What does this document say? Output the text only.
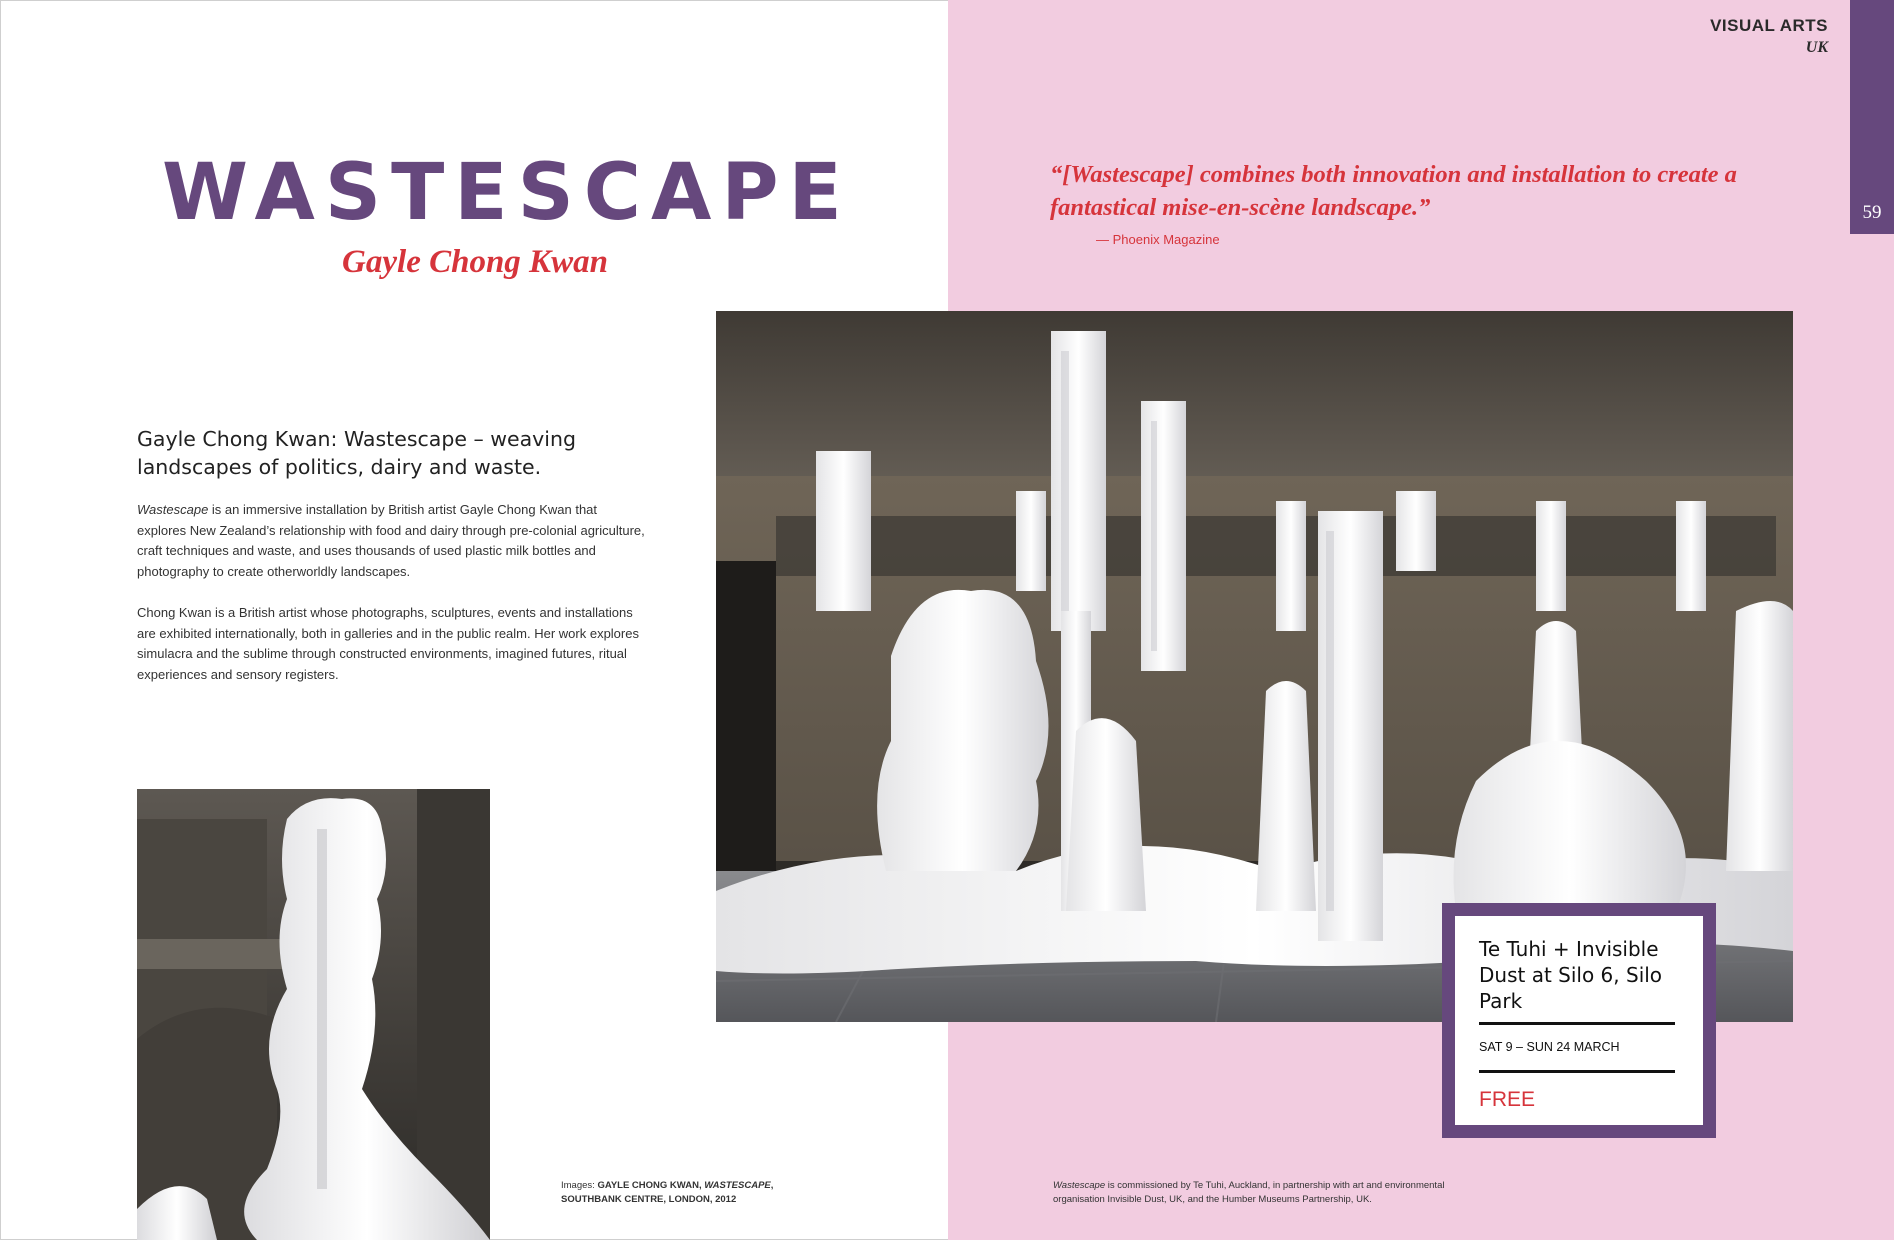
VISUAL ARTS
UK
59
WASTESCAPE
Gayle Chong Kwan
“[Wastescape] combines both innovation and installation to create a fantastical mise-en-scène landscape.”
— Phoenix Magazine
Gayle Chong Kwan: Wastescape – weaving landscapes of politics, dairy and waste.
Wastescape is an immersive installation by British artist Gayle Chong Kwan that explores New Zealand’s relationship with food and dairy through pre-colonial agriculture, craft techniques and waste, and uses thousands of used plastic milk bottles and photography to create otherworldly landscapes.
Chong Kwan is a British artist whose photographs, sculptures, events and installations are exhibited internationally, both in galleries and in the public realm. Her work explores simulacra and the sublime through constructed environments, imagined futures, ritual experiences and sensory registers.
Te Tuhi + Invisible Dust at Silo 6, Silo Park
SAT 9 – SUN 24 MARCH
FREE
Images: GAYLE CHONG KWAN, WASTESCAPE, SOUTHBANK CENTRE, LONDON, 2012
Wastescape is commissioned by Te Tuhi, Auckland, in partnership with art and environmental organisation Invisible Dust, UK, and the Humber Museums Partnership, UK.
